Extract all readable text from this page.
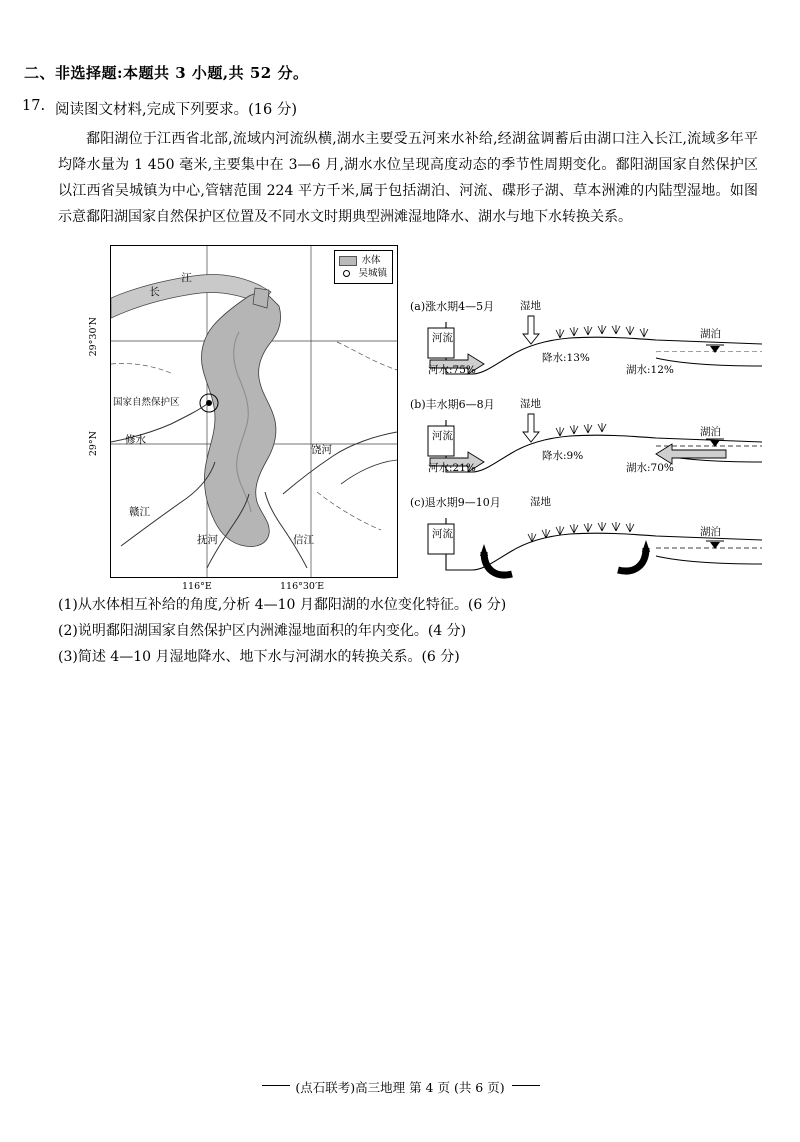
二、非选择题:本题共 3 小题,共 52 分。
17. 阅读图文材料,完成下列要求。(16 分)
鄱阳湖位于江西省北部,流域内河流纵横,湖水主要受五河来水补给,经湖盆调蓄后由湖口注入长江,流域多年平均降水量为 1 450 毫米,主要集中在 3—6 月,湖水水位呈现高度动态的季节性周期变化。鄱阳湖国家自然保护区以江西省吴城镇为中心,管辖范围 224 平方千米,属于包括湖泊、河流、碟形子湖、草本洲滩的内陆型湿地。如图示意鄱阳湖国家自然保护区位置及不同水文时期典型洲滩湿地降水、湖水与地下水转换关系。
水体
吴城镇
长
江
国家自然保护区
修水
赣江
抚河	信江
饶河
29°30′N
29°N
116°E	116°30′E
(a)涨水期4—5月 湿地
河流
河水:75%
降水:13%
湖水:12%
湖泊
(b)丰水期6—8月 湿地
河流
河水:21%
降水:9%
湖水:70%
湖泊
(c)退水期9—10月	湿地
河流	湖泊
(1)从水体相互补给的角度,分析 4—10 月鄱阳湖的水位变化特征。(6 分)
(2)说明鄱阳湖国家自然保护区内洲滩湿地面积的年内变化。(4 分)
(3)简述 4—10 月湿地降水、地下水与河湖水的转换关系。(6 分)
(点石联考)高三地理 第 4 页 (共 6 页)
